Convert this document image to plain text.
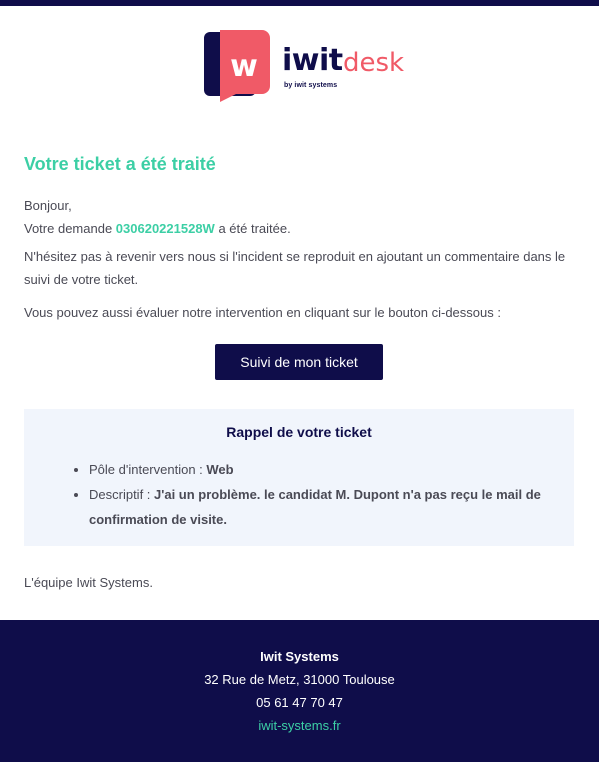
w iwit desk
by iwit systems
Votre ticket a été traité

Bonjour,

Votre demande 030620221528W a été traitée.

N'hésitez pas à revenir vers nous si l'incident se reproduit en ajoutant un commentaire dans le suivi de votre ticket.

Vous pouvez aussi évaluer notre intervention en cliquant sur le bouton ci-dessous :

Suivi de mon ticket
Rappel de votre ticket
• Pôle d'intervention : Web
• Descriptif : J'ai un problème. le candidat M. Dupont n'a pas reçu le mail de confirmation de visite.

L'équipe Iwit Systems.

Iwit Systems
32 Rue de Metz, 31000 Toulouse
05 61 47 70 47
iwit-systems.fr
